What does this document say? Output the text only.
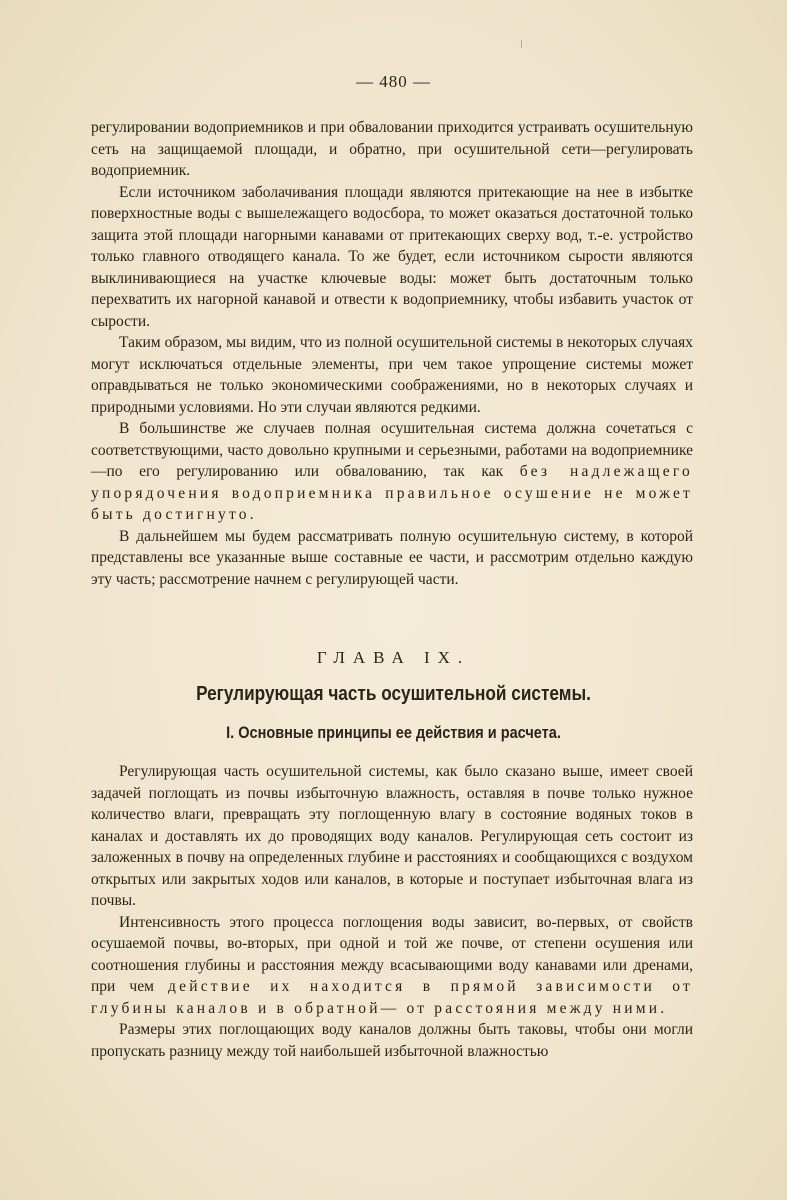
— 480 —

регулировании водоприемников и при обваловании приходится устраивать осушительную сеть на защищаемой площади, и обратно, при осушительной сети—регулировать водоприемник.

Если источником заболачивания площади являются притекающие на нее в избытке поверхностные воды с вышележащего водосбора, то может оказаться достаточной только защита этой площади нагорными канавами от притекающих сверху вод, т.-е. устройство только главного отводящего канала. То же будет, если источником сырости являются выклинивающиеся на участке ключевые воды: может быть достаточным только перехватить их нагорной канавой и отвести к водоприемнику, чтобы избавить участок от сырости.

Таким образом, мы видим, что из полной осушительной системы в некоторых случаях могут исключаться отдельные элементы, при чем такое упрощение системы может оправдываться не только экономическими соображениями, но в некоторых случаях и природными условиями. Но эти случаи являются редкими.

В большинстве же случаев полная осушительная система должна сочетаться с соответствующими, часто довольно крупными и серьезными, работами на водоприемнике—по его регулированию или обвалованию, так как без надлежащего упорядочения водоприемника правильное осушение не может быть достигнуто.

В дальнейшем мы будем рассматривать полную осушительную систему, в которой представлены все указанные выше составные ее части, и рассмотрим отдельно каждую эту часть; рассмотрение начнем с регулирующей части.

ГЛАВА IX.
Регулирующая часть осушительной системы.
I. Основные принципы ее действия и расчета.

Регулирующая часть осушительной системы, как было сказано выше, имеет своей задачей поглощать из почвы избыточную влажность, оставляя в почве только нужное количество влаги, превращать эту поглощенную влагу в состояние водяных токов в каналах и доставлять их до проводящих воду каналов. Регулирующая сеть состоит из заложенных в почву на определенных глубине и расстояниях и сообщающихся с воздухом открытых или закрытых ходов или каналов, в которые и поступает избыточная влага из почвы.

Интенсивность этого процесса поглощения воды зависит, во-первых, от свойств осушаемой почвы, во-вторых, при одной и той же почве, от степени осушения или соотношения глубины и расстояния между всасывающими воду канавами или дренами, при чем действие их находится в прямой зависимости от глубины каналов и в обратной— от расстояния между ними.

Размеры этих поглощающих воду каналов должны быть таковы, чтобы они могли пропускать разницу между той наибольшей избыточной влажностью
